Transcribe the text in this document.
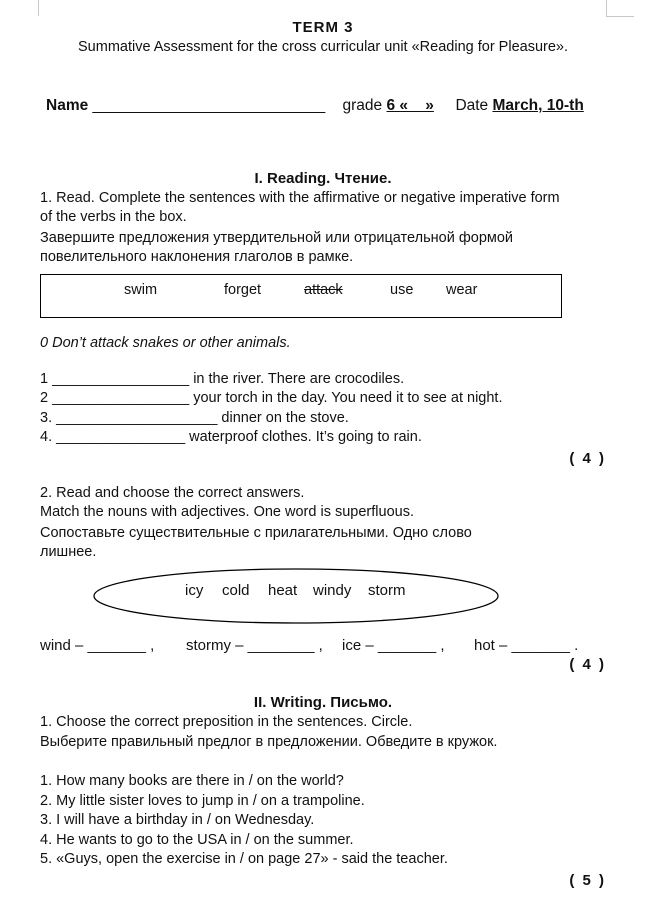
TERM 3
Summative Assessment for the cross curricular unit «Reading for Pleasure».
Name ___________________________ grade 6 «    » Date March, 10-th
I. Reading. Чтение.
1. Read. Complete the sentences with the affirmative or negative imperative form
of the verbs in the box.
Завершите предложения утвердительной или отрицательной формой
повелительного наклонения глаголов в рамке.
swim	forget	attack	use wear
0 Don’t attack snakes or other animals.
1 _________________ in the river. There are crocodiles.
2 _________________ your torch in the day. You need it to see at night.
3. ____________________ dinner on the stove.
4. ________________ waterproof clothes. It’s going to rain.
( 4 )
2. Read and choose the correct answers.
Match the nouns with adjectives. One word is superfluous.
Сопоставьте существительные с прилагательными. Одно слово
лишнее.
icy cold heat windy storm
wind – _______ , stormy – ________ , ice – _______ , hot – _______ .
( 4 )
II. Writing. Письмо.
1. Choose the correct preposition in the sentences. Circle.
Выберите правильный предлог в предложении. Обведите в кружок.
1. How many books are there in / on the world?
2. My little sister loves to jump in / on a trampoline.
3. I will have a birthday in / on Wednesday.
4. He wants to go to the USA in / on the summer.
5. «Guys, open the exercise in / on page 27» - said the teacher.
( 5 )
